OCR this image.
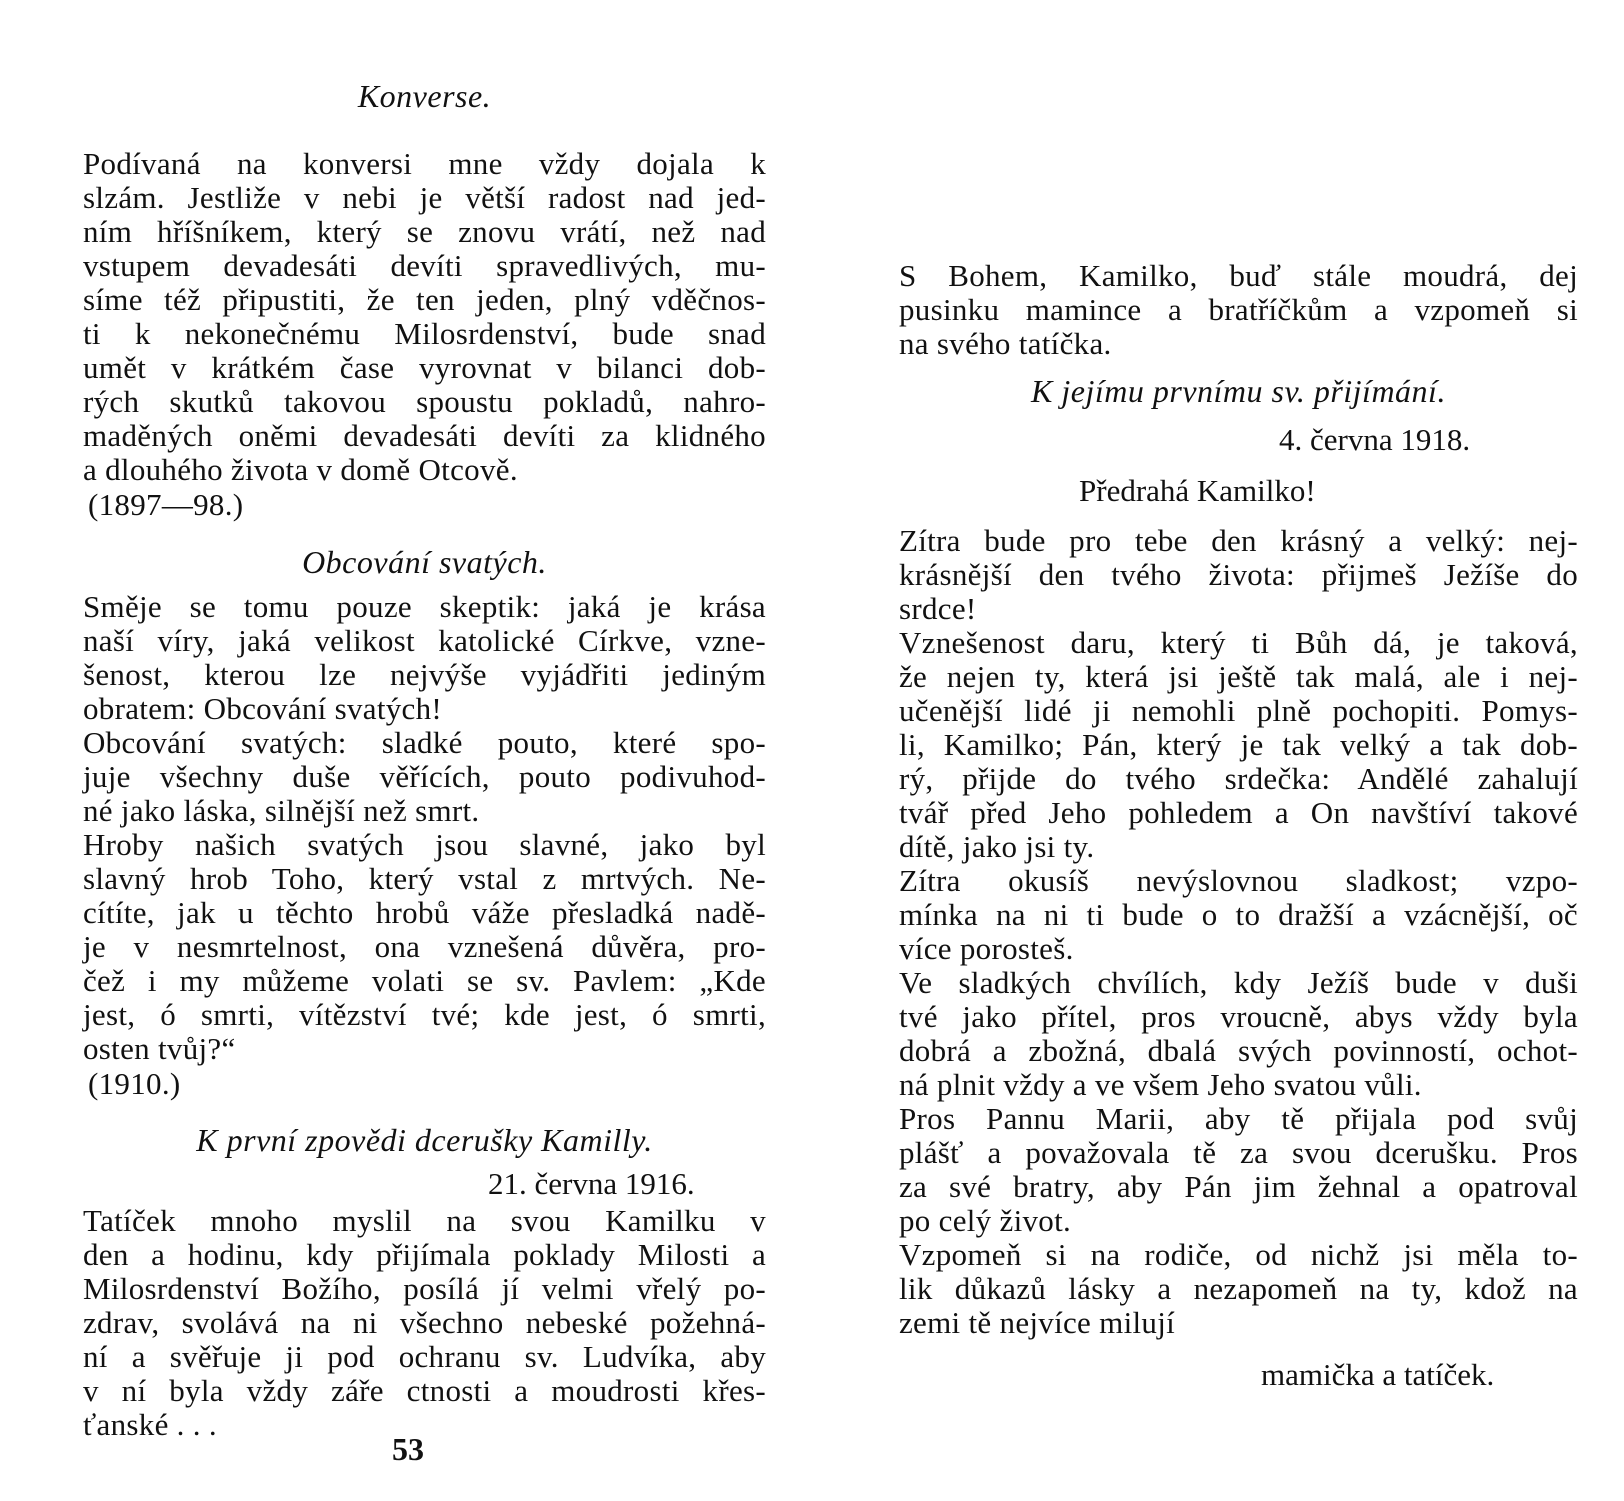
Konverse.
Podívaná na konversi mne vždy dojala k
slzám. Jestliže v nebi je větší radost nad jed-
ním hříšníkem, který se znovu vrátí, než nad
vstupem devadesáti devíti spravedlivých, mu-
síme též připustiti, že ten jeden, plný vděčnos-
ti k nekonečnému Milosrdenství, bude snad
umět v krátkém čase vyrovnat v bilanci dob-
rých skutků takovou spoustu pokladů, nahro-
maděných oněmi devadesáti devíti za klidného
a dlouhého života v domě Otcově.
(1897—98.)
Obcování svatých.
Směje se tomu pouze skeptik: jaká je krása
naší víry, jaká velikost katolické Církve, vzne-
šenost, kterou lze nejvýše vyjádřiti jediným
obratem: Obcování svatých!
Obcování svatých: sladké pouto, které spo-
juje všechny duše věřících, pouto podivuhod-
né jako láska, silnější než smrt.
Hroby našich svatých jsou slavné, jako byl
slavný hrob Toho, který vstal z mrtvých. Ne-
cítíte, jak u těchto hrobů váže přesladká nadě-
je v nesmrtelnost, ona vznešená důvěra, pro-
čež i my můžeme volati se sv. Pavlem: „Kde
jest, ó smrti, vítězství tvé; kde jest, ó smrti,
osten tvůj?“
(1910.)
K první zpovědi dcerušky Kamilly.
21. června 1916.
Tatíček mnoho myslil na svou Kamilku v
den a hodinu, kdy přijímala poklady Milosti a
Milosrdenství Božího, posílá jí velmi vřelý po-
zdrav, svolává na ni všechno nebeské požehná-
ní a svěřuje ji pod ochranu sv. Ludvíka, aby
v ní byla vždy záře ctnosti a moudrosti křes-
ťanské . . .
53
S Bohem, Kamilko, buď stále moudrá, dej
pusinku mamince a bratříčkům a vzpomeň si
na svého tatíčka.
K jejímu prvnímu sv. přijímání.
4. června 1918.
Předrahá Kamilko!
Zítra bude pro tebe den krásný a velký: nej-
krásnější den tvého života: přijmeš Ježíše do
srdce!
Vznešenost daru, který ti Bůh dá, je taková,
že nejen ty, která jsi ještě tak malá, ale i nej-
učenější lidé ji nemohli plně pochopiti. Pomys-
li, Kamilko; Pán, který je tak velký a tak dob-
rý, přijde do tvého srdečka: Andělé zahalují
tvář před Jeho pohledem a On navštíví takové
dítě, jako jsi ty.
Zítra okusíš nevýslovnou sladkost; vzpo-
mínka na ni ti bude o to dražší a vzácnější, oč
více porosteš.
Ve sladkých chvílích, kdy Ježíš bude v duši
tvé jako přítel, pros vroucně, abys vždy byla
dobrá a zbožná, dbalá svých povinností, ochot-
ná plnit vždy a ve všem Jeho svatou vůli.
Pros Pannu Marii, aby tě přijala pod svůj
plášť a považovala tě za svou dcerušku. Pros
za své bratry, aby Pán jim žehnal a opatroval
po celý život.
Vzpomeň si na rodiče, od nichž jsi měla to-
lik důkazů lásky a nezapomeň na ty, kdož na
zemi tě nejvíce milují
mamička a tatíček.
